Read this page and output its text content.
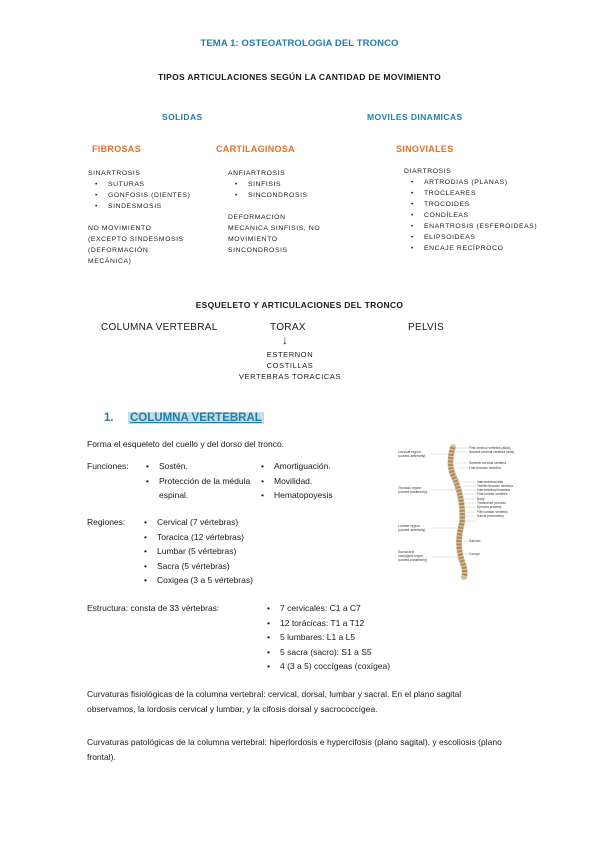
TEMA 1: OSTEOATROLOGIA DEL TRONCO
TIPOS ARTICULACIONES SEGÚN LA CANTIDAD DE MOVIMIENTO
SOLIDAS	MOVILES DINAMICAS
FIBROSAS
SINARTROSIS
• SUTURAS
• GONFOSIS (DIENTES)
• SINDESMOSIS
NO MOVIMIENTO
(EXCEPTO SINDESMOSIS
(DEFORMACIÓN
MECÁNICA)
CARTILAGINOSA
ANFIARTROSIS
• SINFISIS
• SINCONDROSIS
DEFORMACION
MECANICA SINFISIS, NO
MOVIMIENTO
SINCONDROSIS
SINOVIALES
DIARTROSIS
• ARTRODIAS (PLANAS)
• TROCLEARES
• TROCOIDES
• CONDÍLEAS
• ENARTROSIS (ESFEROIDEAS)
• ELIPSOIDEAS
• ENCAJE RECÍPROCO
ESQUELETO Y ARTICULACIONES DEL TRONCO
COLUMNA VERTEBRAL	TORAX	PELVIS
↓
ESTERNON
COSTILLAS
VERTEBRAS TORACICAS
1. COLUMNA VERTEBRAL
Forma el esqueleto del cuello y del dorso del tronco.
Funciones:	• Sostén.
• Protección de la médula espinal.
• Amortiguación.
• Movilidad.
• Hematopoyesis
Regiones:	• Cervical (7 vértebras)
• Toracica (12 vértebras)
• Lumbar (5 vértebras)
• Sacra (5 vértebras)
• Coxigea (3 a 5 vértebras)
Cervical region
(curved anteriorly)
Thoracic region
(curved posteriorly)
Lumbar region
(curved anteriorly)
Sacral and
coccygeal region
(curved posteriorly)
First cervical vertebra (atlas)
Second cervical vertebra (axis)
Seventh cervical vertebra
First thoracic vertebra
Intervertebral disk
Twelfth thoracic vertebra
Intervertebral foramina
First lumbar vertebra
Body
Transverse process
Spinous process
Fifth lumbar vertebra
Sacral promontory
Sacrum
Coccyx
Estructura: consta de 33 vértebras:	• 7 cervicales: C1 a C7
• 12 torácicas: T1 a T12
• 5 lumbares: L1 a L5
• 5 sacra (sacro): S1 a S5
• 4 (3 a 5) coccígeas (coxígea)
Curvaturas fisiológicas de la columna vertebral: cervical, dorsal, lumbar y sacral. En el plano sagital observamos, la lordosis cervical y lumbar, y la cifosis dorsal y sacrococcígea.
Curvaturas patológicas de la columna vertebral: hiperlordosis e hypercifosis (plano sagital), y escoliosis (plano frontal).
